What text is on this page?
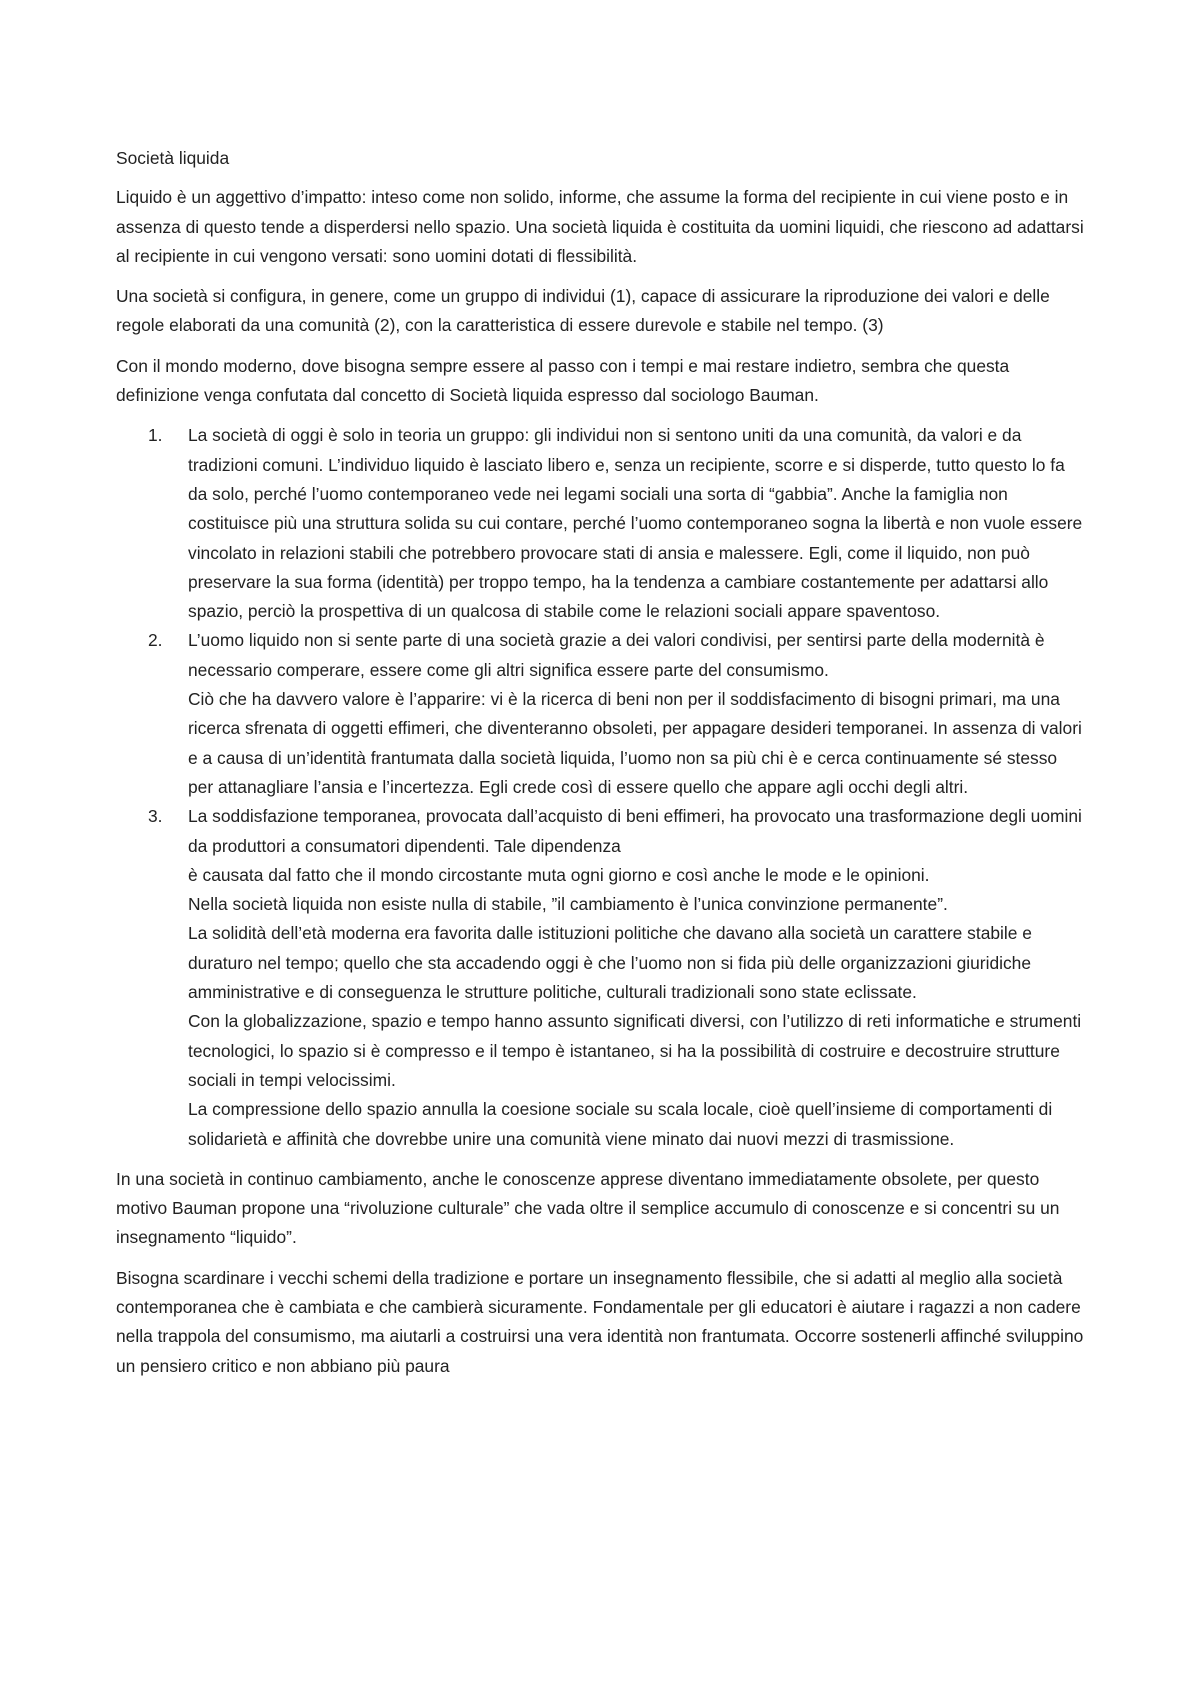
Società liquida

Liquido è un aggettivo d’impatto: inteso come non solido, informe, che assume la forma del recipiente in cui viene posto e in assenza di questo tende a disperdersi nello spazio. Una società liquida è costituita da uomini liquidi, che riescono ad adattarsi al recipiente in cui vengono versati: sono uomini dotati di flessibilità.

Una società si configura, in genere, come un gruppo di individui (1), capace di assicurare la riproduzione dei valori e delle regole elaborati da una comunità (2), con la caratteristica di essere durevole e stabile nel tempo. (3)

Con il mondo moderno, dove bisogna sempre essere al passo con i tempi e mai restare indietro, sembra che questa definizione venga confutata dal concetto di Società liquida espresso dal sociologo Bauman.

1. La società di oggi è solo in teoria un gruppo: gli individui non si sentono uniti da una comunità, da valori e da tradizioni comuni. L’individuo liquido è lasciato libero e, senza un recipiente, scorre e si disperde, tutto questo lo fa da solo, perché l’uomo contemporaneo vede nei legami sociali una sorta di “gabbia”. Anche la famiglia non costituisce più una struttura solida su cui contare, perché l’uomo contemporaneo sogna la libertà e non vuole essere vincolato in relazioni stabili che potrebbero provocare stati di ansia e malessere. Egli, come il liquido, non può preservare la sua forma (identità) per troppo tempo, ha la tendenza a cambiare costantemente per adattarsi allo spazio, perciò la prospettiva di un qualcosa di stabile come le relazioni sociali appare spaventoso.
2. L’uomo liquido non si sente parte di una società grazie a dei valori condivisi, per sentirsi parte della modernità è necessario comperare, essere come gli altri significa essere parte del consumismo.
Ciò che ha davvero valore è l’apparire: vi è la ricerca di beni non per il soddisfacimento di bisogni primari, ma una ricerca sfrenata di oggetti effimeri, che diventeranno obsoleti, per appagare desideri temporanei. In assenza di valori e a causa di un’identità frantumata dalla società liquida, l’uomo non sa più chi è e cerca continuamente sé stesso per attanagliare l’ansia e l’incertezza. Egli crede così di essere quello che appare agli occhi degli altri.
3. La soddisfazione temporanea, provocata dall’acquisto di beni effimeri, ha provocato una trasformazione degli uomini da produttori a consumatori dipendenti. Tale dipendenza
è causata dal fatto che il mondo circostante muta ogni giorno e così anche le mode e le opinioni.
Nella società liquida non esiste nulla di stabile, ”il cambiamento è l’unica convinzione permanente”.
La solidità dell’età moderna era favorita dalle istituzioni politiche che davano alla società un carattere stabile e duraturo nel tempo; quello che sta accadendo oggi è che l’uomo non si fida più delle organizzazioni giuridiche amministrative e di conseguenza le strutture politiche, culturali tradizionali sono state eclissate.
Con la globalizzazione, spazio e tempo hanno assunto significati diversi, con l’utilizzo di reti informatiche e strumenti tecnologici, lo spazio si è compresso e il tempo è istantaneo, si ha la possibilità di costruire e decostruire strutture sociali in tempi velocissimi.
La compressione dello spazio annulla la coesione sociale su scala locale, cioè quell’insieme di comportamenti di solidarietà e affinità che dovrebbe unire una comunità viene minato dai nuovi mezzi di trasmissione.

In una società in continuo cambiamento, anche le conoscenze apprese diventano immediatamente obsolete, per questo motivo Bauman propone una “rivoluzione culturale” che vada oltre il semplice accumulo di conoscenze e si concentri su un insegnamento “liquido”.

Bisogna scardinare i vecchi schemi della tradizione e portare un insegnamento flessibile, che si adatti al meglio alla società contemporanea che è cambiata e che cambierà sicuramente. Fondamentale per gli educatori è aiutare i ragazzi a non cadere nella trappola del consumismo, ma aiutarli a costruirsi una vera identità non frantumata. Occorre sostenerli affinché sviluppino un pensiero critico e non abbiano più paura
